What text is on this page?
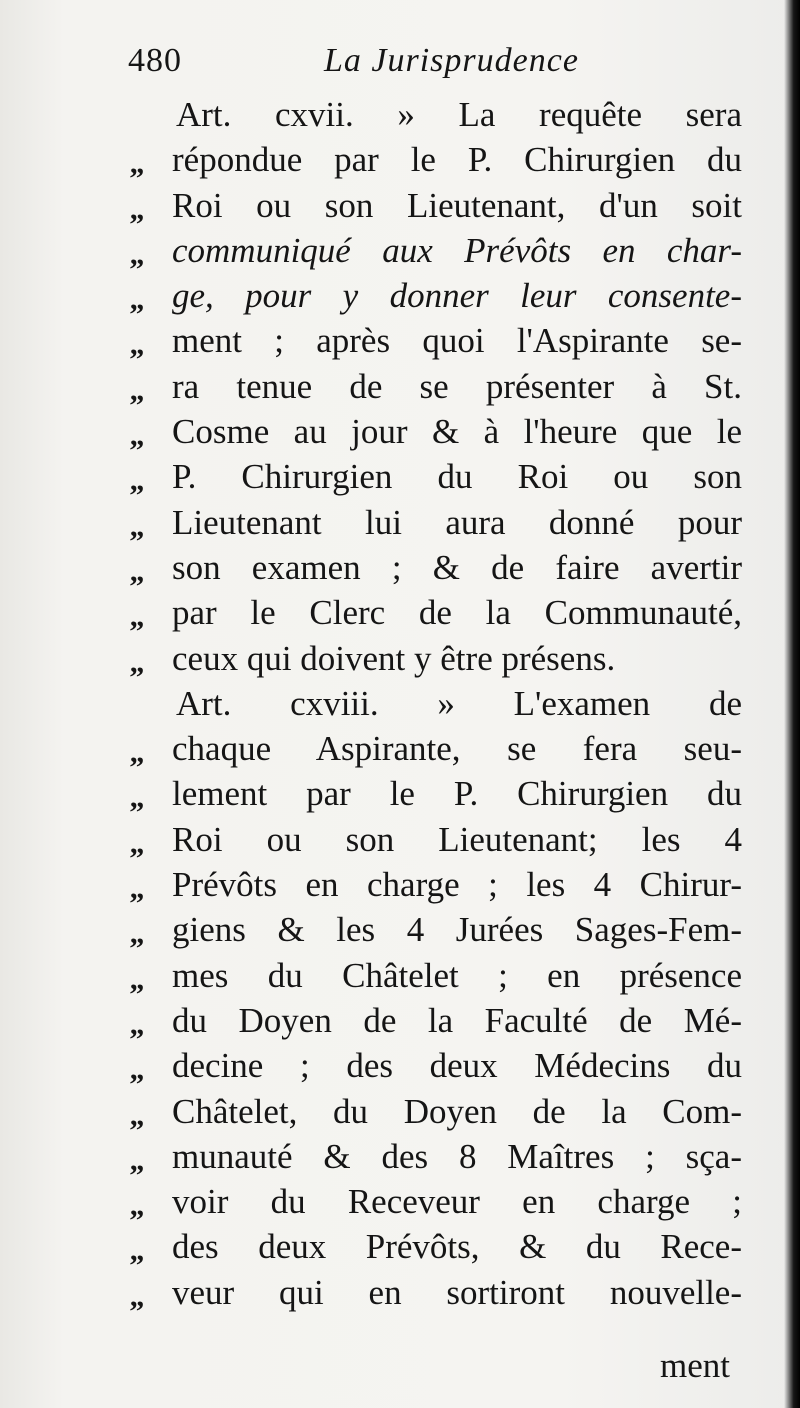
480	La Jurisprudence
Art. cxvii. » La requête sera
,, répondue par le P. Chirurgien du
,, Roi ou son Lieutenant, d'un soit
,, communiqué aux Prévôts en char-
,, ge, pour y donner leur consente-
,, ment ; après quoi l'Aspirante se-
,, ra tenue de se présenter à St.
,, Cosme au jour & à l'heure que le
,, P. Chirurgien du Roi ou son
,, Lieutenant lui aura donné pour
,, son examen ; & de faire avertir
,, par le Clerc de la Communauté,
,, ceux qui doivent y être présens.
Art. cxviii. » L'examen de
,, chaque Aspirante, se fera seu-
,, lement par le P. Chirurgien du
,, Roi ou son Lieutenant; les 4
,, Prévôts en charge ; les 4 Chirur-
,, giens & les 4 Jurées Sages-Fem-
,, mes du Châtelet ; en présence
,, du Doyen de la Faculté de Mé-
,, decine ; des deux Médecins du
,, Châtelet, du Doyen de la Com-
,, munauté & des 8 Maîtres ; sça-
,, voir du Receveur en charge ;
,, des deux Prévôts, & du Rece-
,, veur qui en sortiront nouvelle-
ment
